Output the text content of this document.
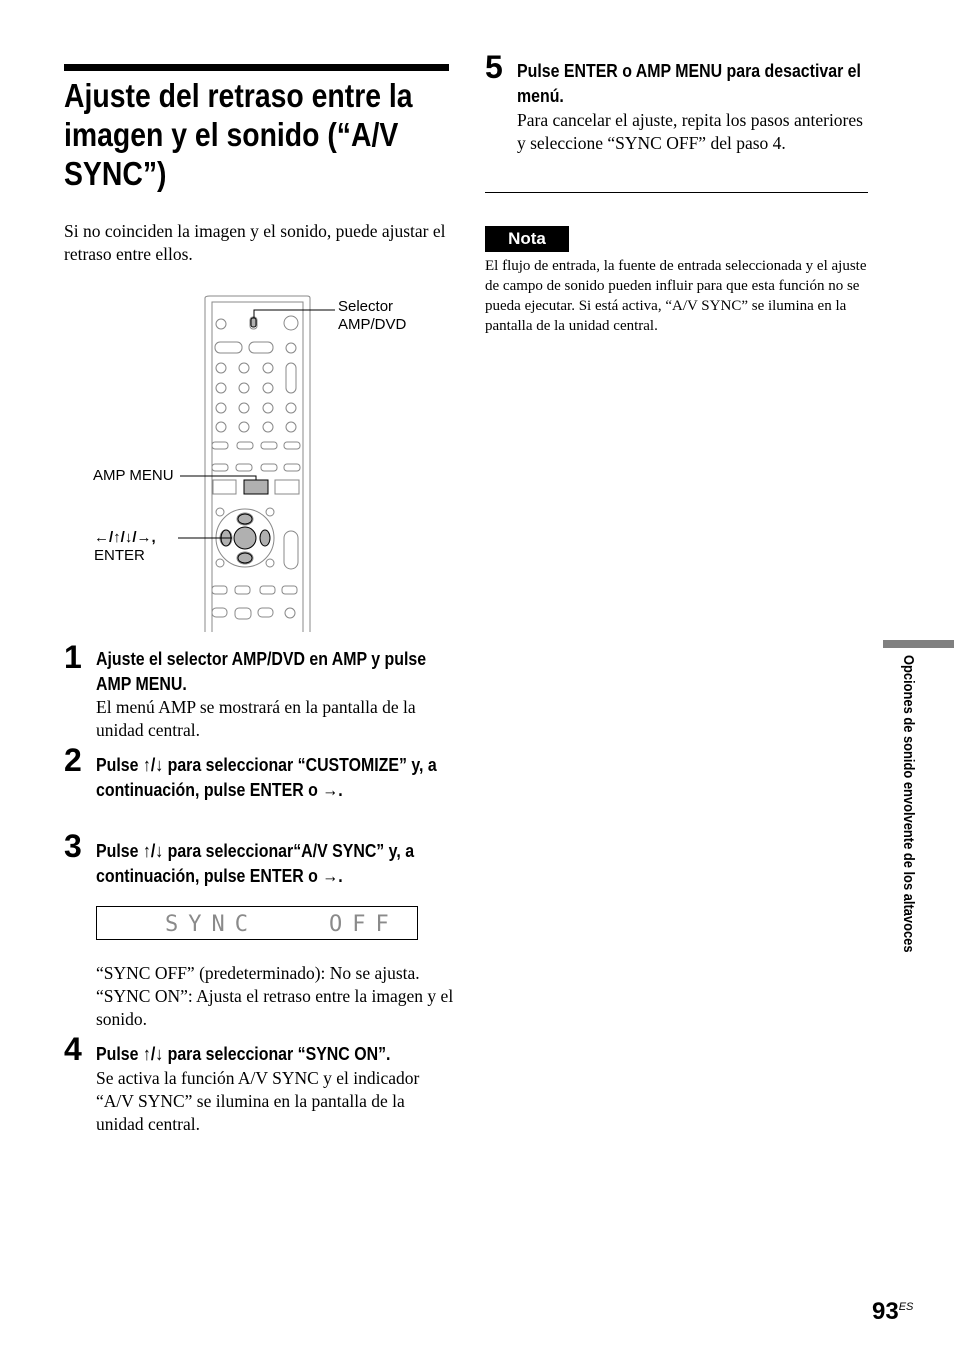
Ajuste del retraso entre la imagen y el sonido (“A/V SYNC”)
Si no coinciden la imagen y el sonido, puede ajustar el retraso entre ellos.
Selector
AMP/DVD
AMP MENU
←/↑/↓/→,
ENTER
1 Ajuste el selector AMP/DVD en AMP y pulse AMP MENU.
El menú AMP se mostrará en la pantalla de la unidad central.
2 Pulse ↑/↓ para seleccionar “CUSTOMIZE” y, a continuación, pulse ENTER o →.
3 Pulse ↑/↓ para seleccionar“A/V SYNC” y, a continuación, pulse ENTER o →.
SYNC	OFF
“SYNC OFF” (predeterminado): No se ajusta.
“SYNC ON”: Ajusta el retraso entre la imagen y el sonido.
4 Pulse ↑/↓ para seleccionar “SYNC ON”.
Se activa la función A/V SYNC y el indicador “A/V SYNC” se ilumina en la pantalla de la unidad central.
5 Pulse ENTER o AMP MENU para desactivar el menú.
Para cancelar el ajuste, repita los pasos anteriores y seleccione “SYNC OFF” del paso 4.
Nota
El flujo de entrada, la fuente de entrada seleccionada y el ajuste de campo de sonido pueden influir para que esta función no se pueda ejecutar. Si está activa, “A/V SYNC” se ilumina en la pantalla de la unidad central.
Opciones de sonido envolvente de los altavoces
$93^{ES}$
